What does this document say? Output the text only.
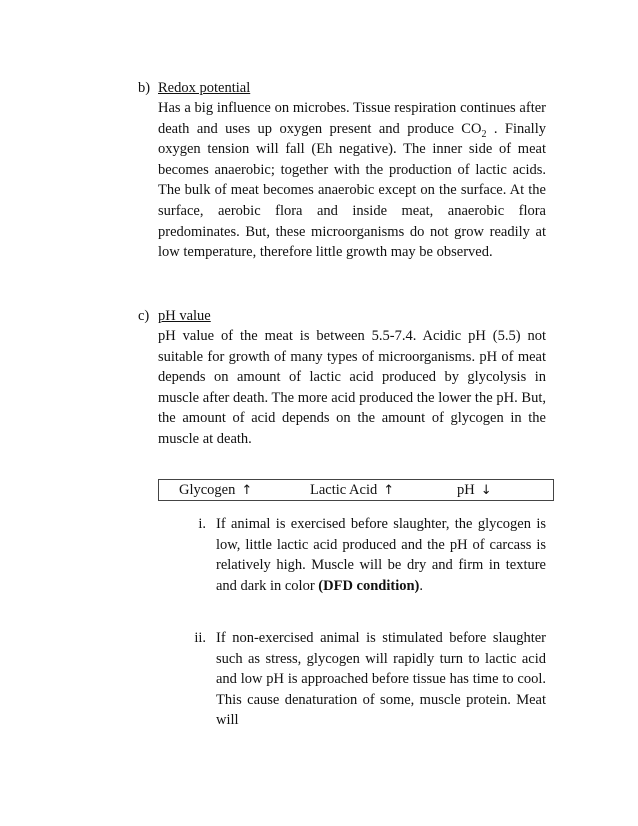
b) Redox potential
Has a big influence on microbes. Tissue respiration continues after death and uses up oxygen present and produce $CO_2$ . Finally oxygen tension will fall (Eh negative). The inner side of meat becomes anaerobic; together with the production of lactic acids. The bulk of meat becomes anaerobic except on the surface. At the surface, aerobic flora and inside meat, anaerobic flora predominates. But, these microorganisms do not grow readily at low temperature, therefore little growth may be observed.
c) pH value
pH value of the meat is between 5.5-7.4. Acidic pH (5.5) not suitable for growth of many types of microorganisms. pH of meat depends on amount of lactic acid produced by glycolysis in muscle after death. The more acid produced the lower the pH. But, the amount of acid depends on the amount of glycogen in the muscle at death.
Glycogen ↑	Lactic Acid ↑	pH ↓
i. If animal is exercised before slaughter, the glycogen is low, little lactic acid produced and the pH of carcass is relatively high. Muscle will be dry and firm in texture and dark in color (DFD condition).
ii. If non-exercised animal is stimulated before slaughter such as stress, glycogen will rapidly turn to lactic acid and low pH is approached before tissue has time to cool. This cause denaturation of some, muscle protein. Meat will
